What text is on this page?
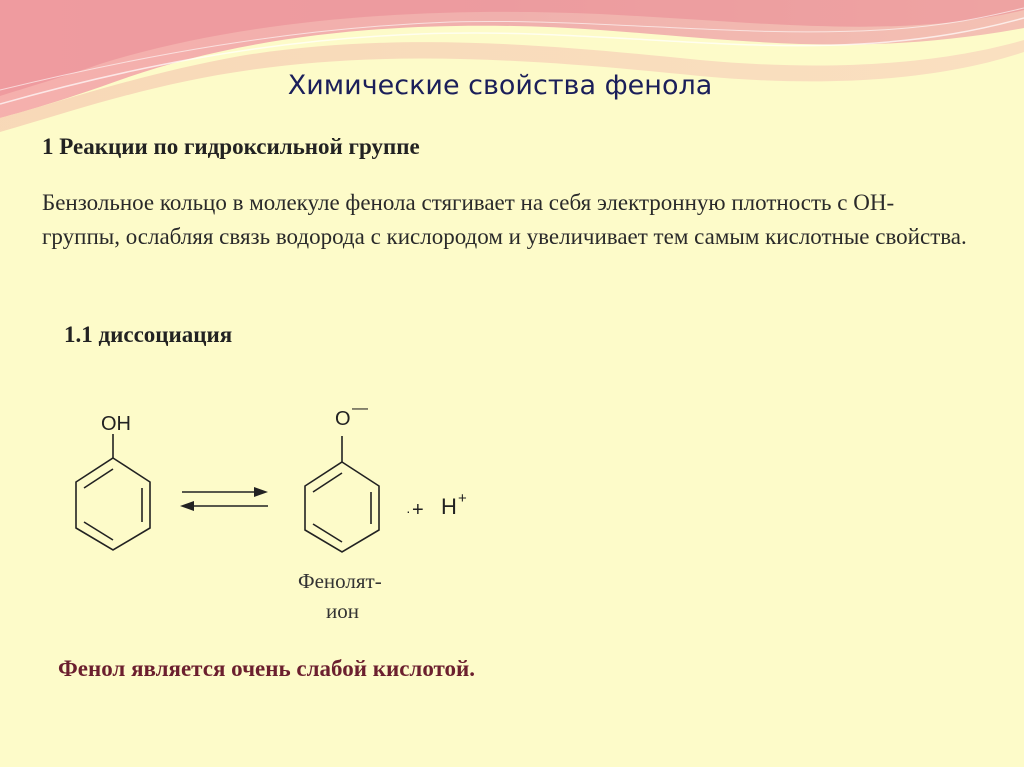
Химические свойства фенола
1 Реакции по гидроксильной группе
Бензольное кольцо в молекуле фенола стягивает на себя электронную плотность с ОН-группы, ослабляя связь водорода с кислородом и увеличивает тем самым кислотные свойства.
1.1 диссоциация
OH	O —
· + H +
Фенолят-
ион
Фенол является очень слабой кислотой.
